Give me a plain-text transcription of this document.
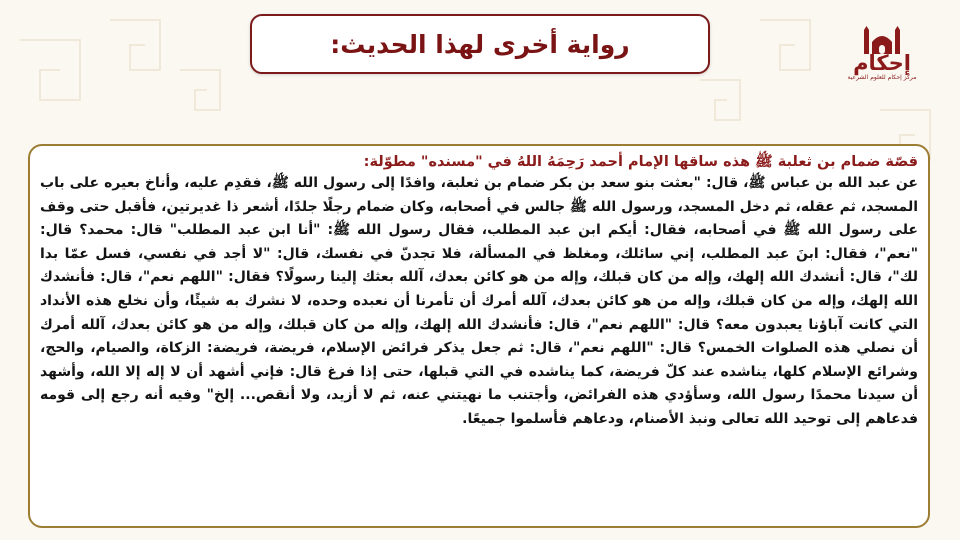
رواية أخرى لهذا الحديث:
إحكام
مركز إحكام للعلوم الشرعية

قصّة ضمام بن ثعلبة ﷺ هذه ساقها الإمام أحمد رَحِمَهُ اللهُ في "مسنده" مطوّلة:

عن عبد الله بن عباس ﷺ، قال: "بعثت بنو سعد بن بكر ضمام بن ثعلبة، وافدًا إلى رسول الله ﷺ، فقدِم عليه، وأناخ بعيره على باب المسجد، ثم عقله، ثم دخل المسجد، ورسول الله ﷺ جالس في أصحابه، وكان ضمام رجلًا جلدًا، أشعر ذا غديرتين، فأقبل حتى وقف على رسول الله ﷺ في أصحابه، فقال: أيكم ابن عبد المطلب، فقال رسول الله ﷺ: "أنا ابن عبد المطلب" قال: محمد؟ قال: "نعم"، فقال: ابنَ عبد المطلب، إني سائلك، ومغلظ في المسألة، فلا تجدنّ في نفسك، قال: "لا أجد في نفسي، فسل عمّا بدا لك"، قال: أنشدك الله إلهك، وإله من كان قبلك، وإله من هو كائن بعدك، آلله بعثك إلينا رسولًا؟ فقال: "اللهم نعم"، قال: فأنشدك الله إلهك، وإله من كان قبلك، وإله من هو كائن بعدك، آلله أمرك أن تأمرنا أن نعبده وحده، لا نشرك به شيئًا، وأن نخلع هذه الأنداد التي كانت آباؤنا يعبدون معه؟ قال: "اللهم نعم"، قال: فأنشدك الله إلهك، وإله من كان قبلك، وإله من هو كائن بعدك، آلله أمرك أن نصلي هذه الصلوات الخمس؟ قال: "اللهم نعم"، قال: ثم جعل يذكر فرائض الإسلام، فريضة، فريضة: الزكاة، والصيام، والحج، وشرائع الإسلام كلها، يناشده عند كلّ فريضة، كما يناشده في التي قبلها، حتى إذا فرغ قال: فإني أشهد أن لا إله إلا الله، وأشهد أن سيدنا محمدًا رسول الله، وسأؤدي هذه الفرائض، وأجتنب ما نهيتني عنه، ثم لا أزيد، ولا أنقص... إلخ" وفيه أنه رجع إلى قومه فدعاهم إلى توحيد الله تعالى ونبذ الأصنام، ودعاهم فأسلموا جميعًا.
